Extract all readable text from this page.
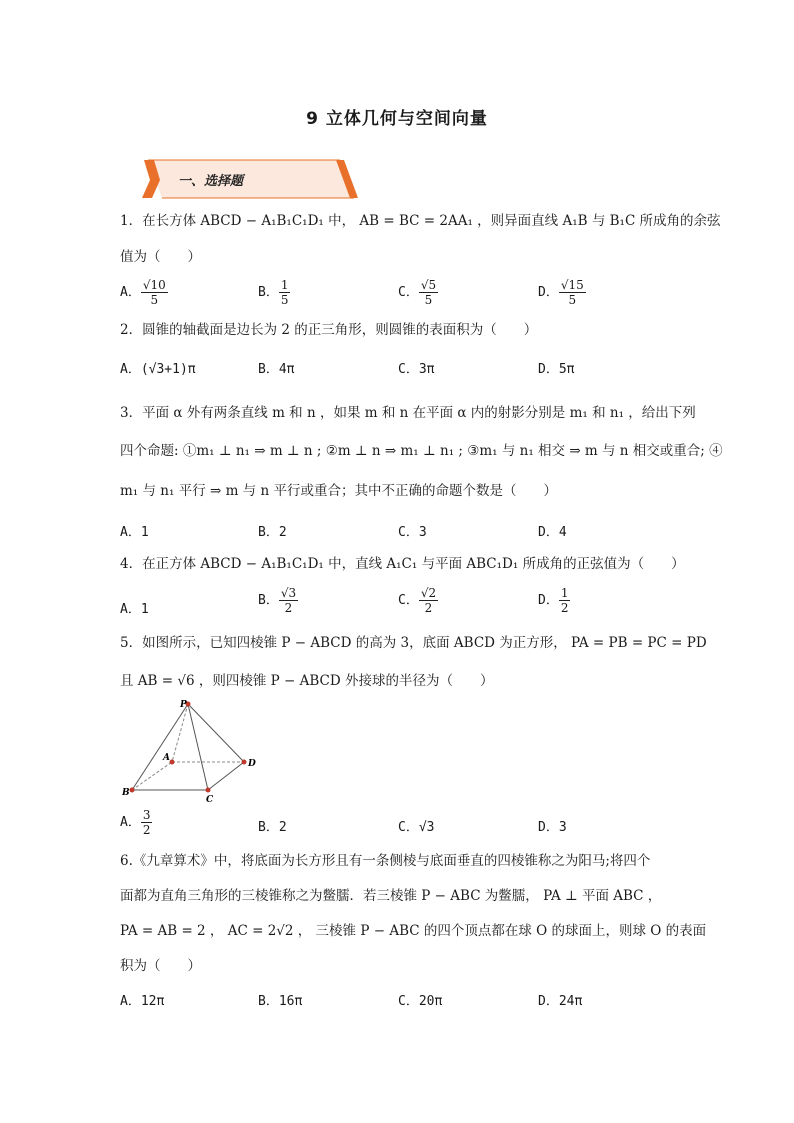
9 立体几何与空间向量
一、选择题
1．在长方体 ABCD − A₁B₁C₁D₁ 中， AB = BC = 2AA₁ ，则异面直线 A₁B 与 B₁C 所成角的余弦
值为（　　）
A． $\frac{√10}{5}$	B． $\frac{1}{5}$	C． $\frac{√5}{5}$	D． $\frac{√15}{5}$
2．圆锥的轴截面是边长为 2 的正三角形，则圆锥的表面积为（　　）
A．(√3+1)π	B．4π	C．3π	D．5π
3．平面 α 外有两条直线 m 和 n ，如果 m 和 n 在平面 α 内的射影分别是 m₁ 和 n₁ ，给出下列
四个命题: ①m₁ ⊥ n₁ ⇒ m ⊥ n ; ②m ⊥ n ⇒ m₁ ⊥ n₁ ; ③m₁ 与 n₁ 相交 ⇒ m 与 n 相交或重合; ④
m₁ 与 n₁ 平行 ⇒ m 与 n 平行或重合；其中不正确的命题个数是（　　）
A．1	B．2	C．3	D．4
4．在正方体 ABCD − A₁B₁C₁D₁ 中，直线 A₁C₁ 与平面 ABC₁D₁ 所成角的正弦值为（　　）
A．1
B． $\frac{√3}{2}$	C． $\frac{√2}{2}$	D． $\frac{1}{2}$
5．如图所示，已知四棱锥 P − ABCD 的高为 3，底面 ABCD 为正方形， PA = PB = PC = PD
且 AB = √6 ，则四棱锥 P − ABCD 外接球的半径为（　　）
P
A
B
C
D
A． $\frac{3}{2}$	B．2	C．√3	D．3
6.《九章算术》中，将底面为长方形且有一条侧棱与底面垂直的四棱锥称之为阳马;将四个
面都为直角三角形的三棱锥称之为鳖臑．若三棱锥 P − ABC 为鳖臑， PA ⊥ 平面 ABC ，
PA = AB = 2 ， AC = 2√2 ， 三棱锥 P − ABC 的四个顶点都在球 O 的球面上，则球 O 的表面
积为（　　）
A．12π	B．16π	C．20π	D．24π
